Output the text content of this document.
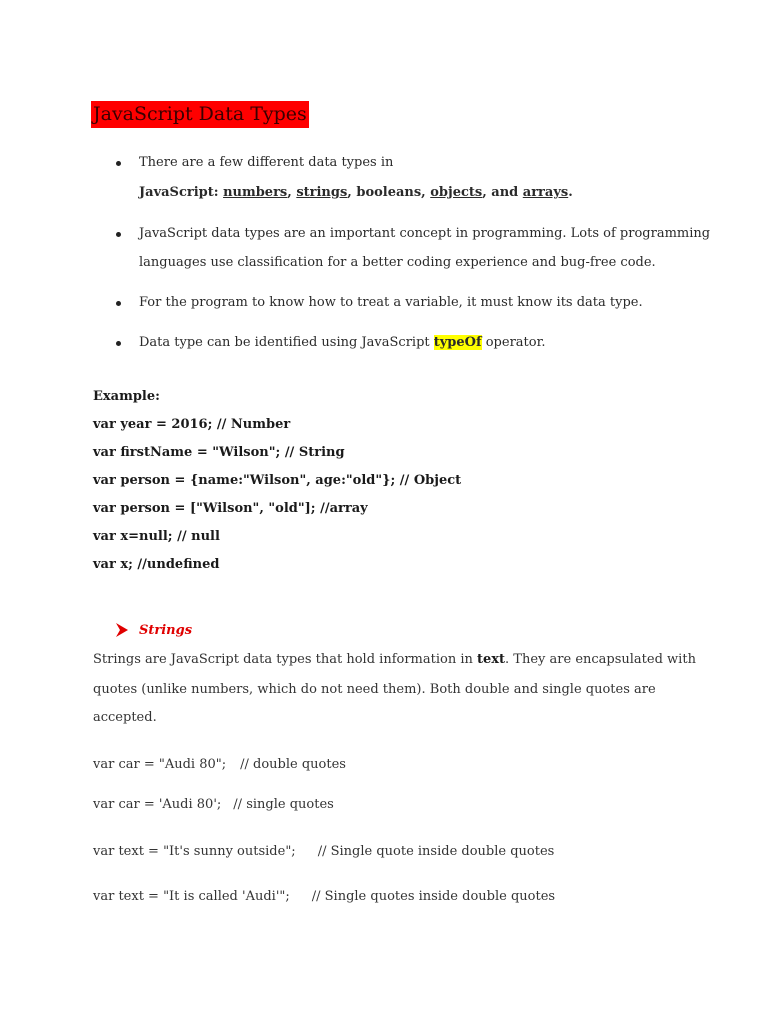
JavaScript Data Types
There are a few different data types in
JavaScript: numbers, strings, booleans, objects, and arrays.
JavaScript data types are an important concept in programming. Lots of programming
languages use classification for a better coding experience and bug-free code.
For the program to know how to treat a variable, it must know its data type.
Data type can be identified using JavaScript typeOf operator.
Example:
var year = 2016; // Number
var firstName = "Wilson"; // String
var person = {name:"Wilson", age:"old"}; // Object
var person = ["Wilson", "old"]; //array
var x=null; // null
var x; //undefined
Strings
Strings are JavaScript data types that hold information in text. They are encapsulated with
quotes (unlike numbers, which do not need them). Both double and single quotes are
accepted.
var car = "Audi 80"; // double quotes
var car = 'Audi 80'; // single quotes
var text = "It's sunny outside"; // Single quote inside double quotes
var text = "It is called 'Audi'"; // Single quotes inside double quotes
